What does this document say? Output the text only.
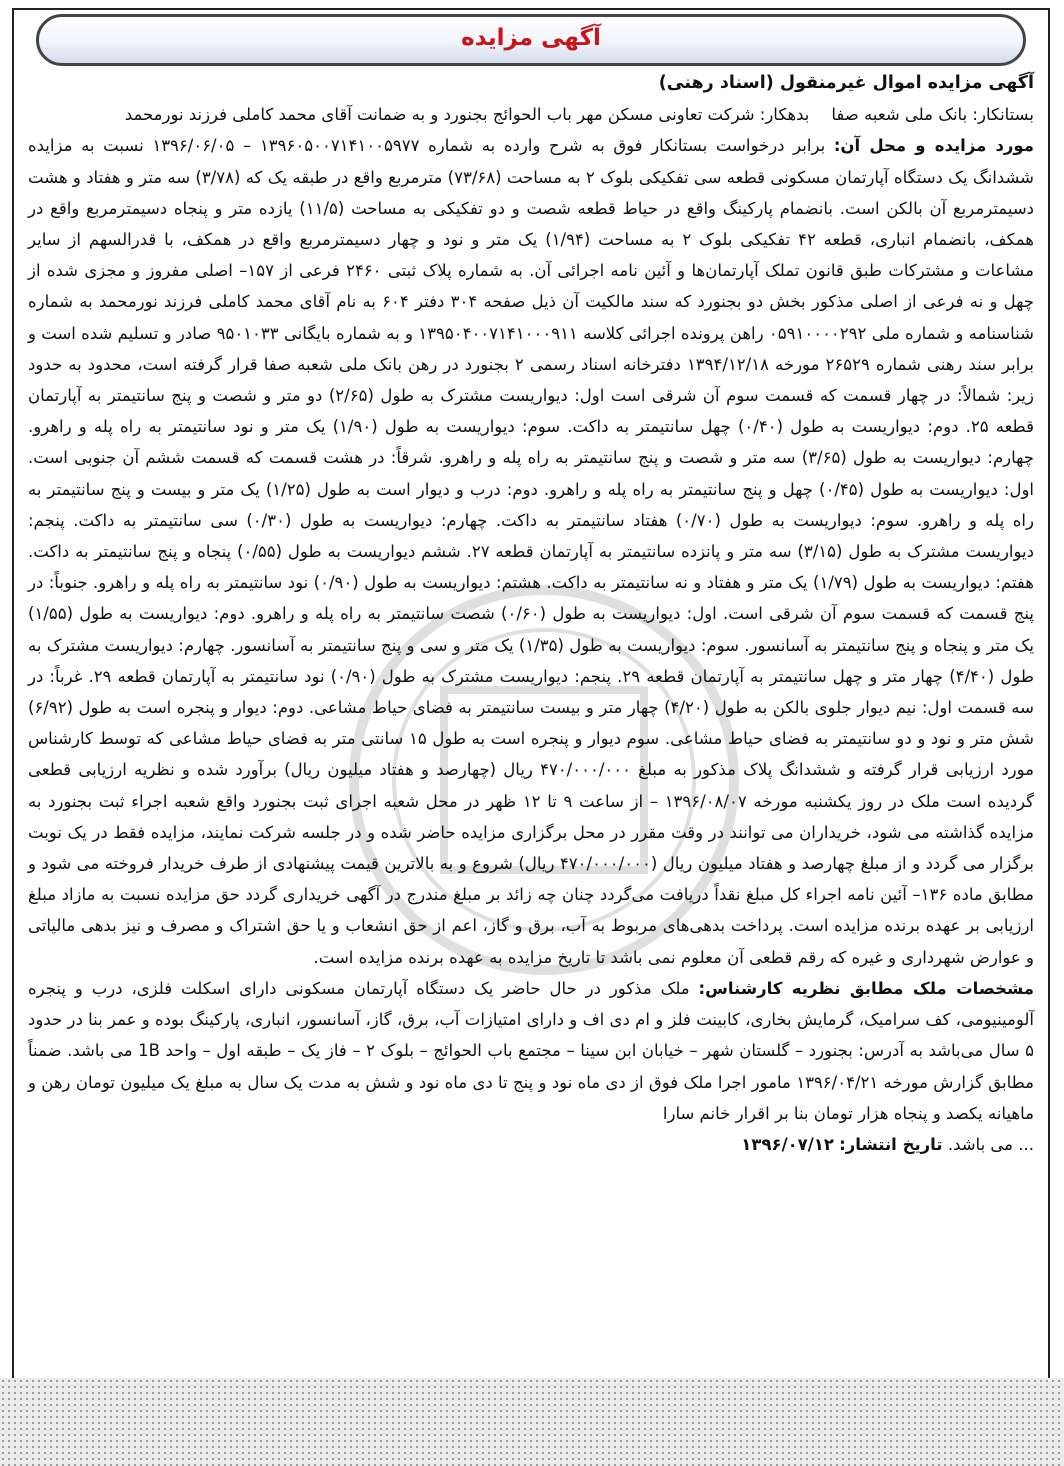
آگهی مزایده

آگهی مزایده اموال غیرمنقول (اسناد رهنی)

بستانکار: بانک ملی شعبه صفابدهکار: شرکت تعاونی مسکن مهر باب الحوائج بجنورد و به ضمانت آقای محمد کاملی فرزند نورمحمد

مورد مزایده و محل آن: برابر درخواست بستانکار فوق به شرح وارده به شماره ۱۳۹۶۰۵۰۰۷۱۴۱۰۰۵۹۷۷ – ۱۳۹۶/۰۶/۰۵ نسبت به مزایده ششدانگ یک دستگاه آپارتمان مسکونی قطعه سی تفکیکی بلوک ۲ به مساحت (۷۳/۶۸) مترمربع واقع در طبقه یک که (۳/۷۸) سه متر و هفتاد و هشت دسیمترمربع آن بالکن است. بانضمام پارکینگ واقع در حیاط قطعه شصت و دو تفکیکی به مساحت (۱۱/۵) یازده متر و پنجاه دسیمترمربع واقع در همکف، بانضمام انباری، قطعه ۴۲ تفکیکی بلوک ۲ به مساحت (۱/۹۴) یک متر و نود و چهار دسیمترمربع واقع در همکف، با قدرالسهم از سایر مشاعات و مشترکات طبق قانون تملک آپارتمان‌ها و آئین نامه اجرائی آن. به شماره پلاک ثبتی ۲۴۶۰ فرعی از ۱۵۷– اصلی مفروز و مجزی شده از چهل و نه فرعی از اصلی مذکور بخش دو بجنورد که سند مالکیت آن ذیل صفحه ۳۰۴ دفتر ۶۰۴ به نام آقای محمد کاملی فرزند نورمحمد به شماره شناسنامه و شماره ملی ۰۵۹۱۰۰۰۰۲۹۲ راهن پرونده اجرائی کلاسه ۱۳۹۵۰۴۰۰۷۱۴۱۰۰۰۹۱۱ و به شماره بایگانی ۹۵۰۱۰۳۳ صادر و تسلیم شده است و برابر سند رهنی شماره ۲۶۵۲۹ مورخه ۱۳۹۴/۱۲/۱۸ دفترخانه اسناد رسمی ۲ بجنورد در رهن بانک ملی شعبه صفا قرار گرفته است، محدود به حدود زیر: شمالاً: در چهار قسمت که قسمت سوم آن شرقی است اول: دیواریست مشترک به طول (۲/۶۵) دو متر و شصت و پنج سانتیمتر به آپارتمان قطعه ۲۵. دوم: دیواریست به طول (۰/۴۰) چهل سانتیمتر به داکت. سوم: دیواریست به طول (۱/۹۰) یک متر و نود سانتیمتر به راه پله و راهرو. چهارم: دیواریست به طول (۳/۶۵) سه متر و شصت و پنج سانتیمتر به راه پله و راهرو. شرقاً: در هشت قسمت که قسمت ششم آن جنوبی است. اول: دیواریست به طول (۰/۴۵) چهل و پنج سانتیمتر به راه پله و راهرو. دوم: درب و دیوار است به طول (۱/۲۵) یک متر و بیست و پنج سانتیمتر به راه پله و راهرو. سوم: دیواریست به طول (۰/۷۰) هفتاد سانتیمتر به داکت. چهارم: دیواریست به طول (۰/۳۰) سی سانتیمتر به داکت. پنجم: دیواریست مشترک به طول (۳/۱۵) سه متر و پانزده سانتیمتر به آپارتمان قطعه ۲۷. ششم دیواریست به طول (۰/۵۵) پنجاه و پنج سانتیمتر به داکت. هفتم: دیواریست به طول (۱/۷۹) یک متر و هفتاد و نه سانتیمتر به داکت. هشتم: دیواریست به طول (۰/۹۰) نود سانتیمتر به راه پله و راهرو. جنوباً: در پنج قسمت که قسمت سوم آن شرقی است. اول: دیواریست به طول (۰/۶۰) شصت سانتیمتر به راه پله و راهرو. دوم: دیواریست به طول (۱/۵۵) یک متر و پنجاه و پنج سانتیمتر به آسانسور. سوم: دیواریست به طول (۱/۳۵) یک متر و سی و پنج سانتیمتر به آسانسور. چهارم: دیواریست مشترک به طول (۴/۴۰) چهار متر و چهل سانتیمتر به آپارتمان قطعه ۲۹. پنجم: دیواریست مشترک به طول (۰/۹۰) نود سانتیمتر به آپارتمان قطعه ۲۹. غرباً: در سه قسمت اول: نیم دیوار جلوی بالکن به طول (۴/۲۰) چهار متر و بیست سانتیمتر به فضای حیاط مشاعی. دوم: دیوار و پنجره است به طول (۶/۹۲) شش متر و نود و دو سانتیمتر به فضای حیاط مشاعی. سوم دیوار و پنجره است به طول ۱۵ سانتی متر به فضای حیاط مشاعی که توسط کارشناس مورد ارزیابی قرار گرفته و ششدانگ پلاک مذکور به مبلغ ۴۷۰/۰۰۰/۰۰۰ ریال (چهارصد و هفتاد میلیون ریال) برآورد شده و نظریه ارزیابی قطعی گردیده است ملک در روز یکشنبه مورخه ۱۳۹۶/۰۸/۰۷ – از ساعت ۹ تا ۱۲ ظهر در محل شعبه اجرای ثبت بجنورد واقع شعبه اجراء ثبت بجنورد به مزایده گذاشته می شود، خریداران می توانند در وقت مقرر در محل برگزاری مزایده حاضر شده و در جلسه شرکت نمایند، مزایده فقط در یک نوبت برگزار می گردد و از مبلغ چهارصد و هفتاد میلیون ریال (۴۷۰/۰۰۰/۰۰۰ ریال) شروع و به بالاترین قیمت پیشنهادی از طرف خریدار فروخته می شود و مطابق ماده ۱۳۶– آئین نامه اجراء کل مبلغ نقداً دریافت می‌گردد چنان چه زائد بر مبلغ مندرج در آگهی خریداری گردد حق مزایده نسبت به مازاد مبلغ ارزیابی بر عهده برنده مزایده است. پرداخت بدهی‌های مربوط به آب، برق و گاز، اعم از حق انشعاب و یا حق اشتراک و مصرف و نیز بدهی مالیاتی و عوارض شهرداری و غیره که رقم قطعی آن معلوم نمی باشد تا تاریخ مزایده به عهده برنده مزایده است.

مشخصات ملک مطابق نظریه کارشناس: ملک مذکور در حال حاضر یک دستگاه آپارتمان مسکونی دارای اسکلت فلزی، درب و پنجره آلومینیومی، کف سرامیک، گرمایش بخاری، کابینت فلز و ام دی اف و دارای امتیازات آب، برق، گاز، آسانسور، انباری، پارکینگ بوده و عمر بنا در حدود ۵ سال می‌باشد به آدرس: بجنورد – گلستان شهر – خیابان ابن سینا – مجتمع باب الحوائج – بلوک ۲ – فاز یک – طبقه اول – واحد 1B می باشد. ضمناً مطابق گزارش مورخه ۱۳۹۶/۰۴/۲۱ مامور اجرا ملک فوق از دی ماه نود و پنج تا دی ماه نود و شش به مدت یک سال به مبلغ یک میلیون تومان رهن و ماهیانه یکصد و پنجاه هزار تومان بنا بر اقرار خانم سارا

... می باشد. تاریخ انتشار: ۱۳۹۶/۰۷/۱۲
